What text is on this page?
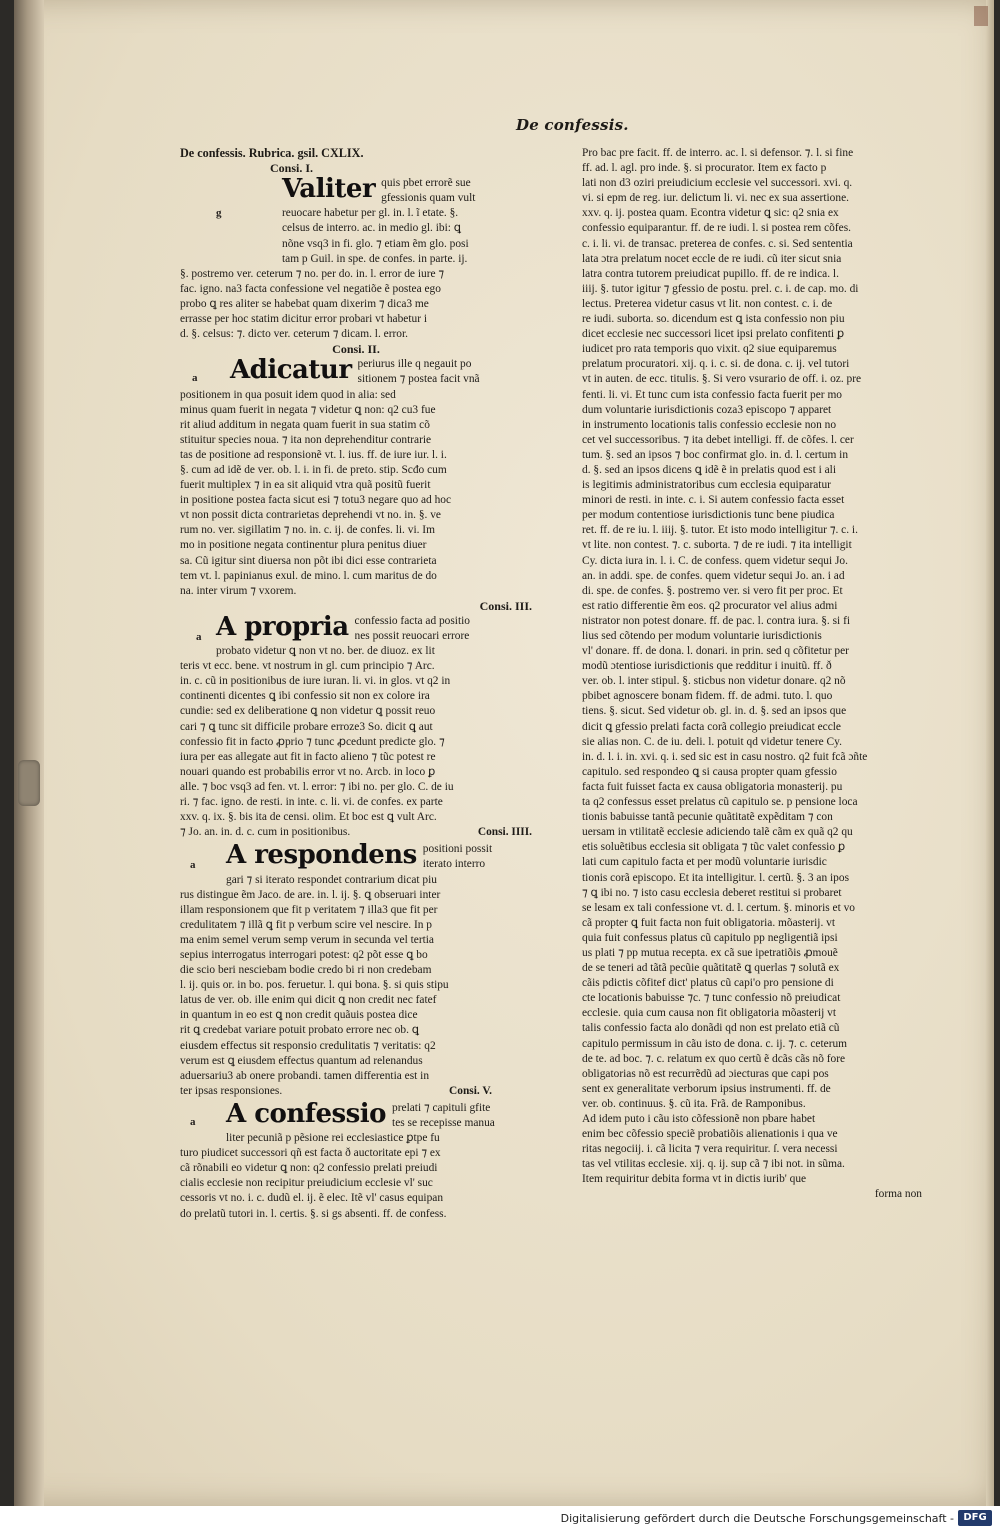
De confessis.
De confessis. Rubrica. gsil. CXLIX.
Consi. I.
g
Valiter quis pbet errorẽ sue
gfessionis quam vult
reuocare habetur per gl. in. l. ĩ etate. §.
celsus de interro. ac. in medio gl. ibi: ꝗ
nõne vsq3 in fi. glo. ⁊ etiam ẽm glo. posi
tam p Guil. in spe. de confes. in parte. ij.
§. postremo ver. ceterum ⁊ no. per do. in. l. error de iure ⁊
fac. igno. na3 facta confessione vel negatiõe ẽ postea ego
probo ꝗ res aliter se habebat quam dixerim ⁊ dica3 me
errasse per hoc statim dicitur error probari vt habetur i
d. §. celsus: ⁊. dicto ver. ceterum ⁊ dicam. l. error.
Consi. II.
a Adicatur periurus ille q negauit po
sitionem ⁊ postea facit vnã
positionem in qua posuit idem quod in alia: sed
minus quam fuerit in negata ⁊ videtur ꝗ non: q2 cu3 fue
rit aliud additum in negata quam fuerit in sua statim cõ
stituitur species noua. ⁊ ita non deprehenditur contrarie
tas de positione ad responsionẽ vt. l. ius. ff. de iure iur. l. i.
§. cum ad idẽ de ver. ob. l. i. in fi. de preto. stip. Scđo cum
fuerit multiplex ⁊ in ea sit aliquid vtra quã positũ fuerit
in positione postea facta sicut esi ⁊ totu3 negare quo ad hoc
vt non possit dicta contrarietas deprehendi vt no. in. §. ve
rum no. ver. sigillatim ⁊ no. in. c. ij. de confes. li. vi. Im
mo in positione negata continentur plura penitus diuer
sa. Cũ igitur sint diuersa non põt ibi dici esse contrarieta
tem vt. l. papinianus exul. de mino. l. cum maritus de do
na. inter virum ⁊ vxorem.
Consi. III.
a A propria confessio facta ad positio
nes possit reuocari errore
probato videtur ꝗ non vt no. ber. de diuoz. ex lit
teris vt ecc. bene. vt nostrum in gl. cum principio ⁊ Arc.
in. c. cũ in positionibus de iure iuran. li. vi. in glos. vt q2 in
continenti dicentes ꝗ ibi confessio sit non ex colore ira
cundie: sed ex deliberatione ꝗ non videtur ꝗ possit reuo
cari ⁊ ꝗ tunc sit difficile probare erroze3 So. dicit ꝗ aut
confessio fit in facto ꝓprio ⁊ tunc ꝓcedunt predicte glo. ⁊
iura per eas allegate aut fit in facto alieno ⁊ tũc potest re
nouari quando est probabilis error vt no. Arcb. in loco ꝑ
alle. ⁊ boc vsq3 ad fen. vt. l. error: ⁊ ibi no. per glo. C. de iu
ri. ⁊ fac. igno. de resti. in inte. c. li. vi. de confes. ex parte
xxv. q. ix. §. bis ita de censi. olim. Et boc est ꝗ vult Arc.
⁊ Jo. an. in. d. c. cum in positionibus.	Consi. IIII.
a A respondens positioni possit
iterato interro
gari ⁊ si iterato respondet contrarium dicat piu
rus distingue ẽm Jaco. de are. in. l. ij. §. ꝗ obseruari inter
illam responsionem que fit p veritatem ⁊ illa3 que fit per
credulitatem ⁊ illã ꝗ fit p verbum scire vel nescire. In p
ma enim semel verum semp verum in secunda vel tertia
sepius interrogatus interrogari potest: q2 põt esse ꝗ bo
die scio beri nesciebam bodie credo bi ri non credebam
l. ij. quis or. in bo. pos. feruetur. l. qui bona. §. si quis stipu
latus de ver. ob. ille enim qui dicit ꝗ non credit nec fatef
in quantum in eo est ꝗ non credit quãuis postea dice
rit ꝗ credebat variare potuit probato errore nec ob. ꝗ
eiusdem effectus sit responsio credulitatis ⁊ veritatis: q2
verum est ꝗ eiusdem effectus quantum ad relenandus
aduersariu3 ab onere probandi. tamen differentia est in
ter ipsas responsiones.	Consi. V.
a A confessio prelati ⁊ capituli gfite
tes se recepisse manua
liter pecuniã p pẽsione rei ecclesiastice ꝑtpe fu
turo piudicet successori qñ est facta ð auctoritate epi ⁊ ex
cã rõnabili eo videtur ꝗ non: q2 confessio prelati preiudi
cialis ecclesie non recipitur preiudicium ecclesie vl' suc
cessoris vt no. i. c. dudũ el. ij. ẽ elec. Itẽ vl' casus equipan
do prelatũ tutori in. l. certis. §. si gs absenti. ff. de confess.
Pro bac pre facit. ff. de interro. ac. l. si defensor. ⁊. l. si fine
ff. ad. l. agl. pro inde. §. si procurator. Item ex facto p
lati non d3 oziri preiudicium ecclesie vel successori. xvi. q.
vi. si epm de reg. iur. delictum li. vi. nec ex sua assertione.
xxv. q. ij. postea quam. Econtra videtur ꝗ sic: q2 snia ex
confessio equiparantur. ff. de re iudi. l. si postea rem cõfes.
c. i. li. vi. de transac. preterea de confes. c. si. Sed sententia
lata ɔtra prelatum nocet eccle de re iudi. cũ iter sicut snia
latra contra tutorem preiudicat pupillo. ff. de re indica. l.
iiij. §. tutor igitur ⁊ gfessio de postu. prel. c. i. de cap. mo. di
lectus. Preterea videtur casus vt lit. non contest. c. i. de
re iudi. suborta. so. dicendum est ꝗ ista confessio non piu
dicet ecclesie nec successori licet ipsi prelato confitenti ꝑ
iudicet pro rata temporis quo vixit. q2 siue equiparemus
prelatum procuratori. xij. q. i. c. si. de dona. c. ij. vel tutori
vt in auten. de ecc. titulis. §. Si vero vsurario de off. i. oz. pre
fenti. li. vi. Et tunc cum ista confessio facta fuerit per mo
dum voluntarie iurisdictionis coza3 episcopo ⁊ apparet
in instrumento locationis talis confessio ecclesie non no
cet vel successoribus. ⁊ ita debet intelligi. ff. de cõfes. l. cer
tum. §. sed an ipsos ⁊ boc confirmat glo. in. d. l. certum in
d. §. sed an ipsos dicens ꝗ idẽ ẽ in prelatis quod est i ali
is legitimis administratoribus cum ecclesia equiparatur
minori de resti. in inte. c. i. Si autem confessio facta esset
per modum contentiose iurisdictionis tunc bene piudica
ret. ff. de re iu. l. iiij. §. tutor. Et isto modo intelligitur ⁊. c. i.
vt lite. non contest. ⁊. c. suborta. ⁊ de re iudi. ⁊ ita intelligit
Cy. dicta iura in. l. i. C. de confess. quem videtur sequi Jo.
an. in addi. spe. de confes. quem videtur sequi Jo. an. i ad
di. spe. de confes. §. postremo ver. si vero fit per proc. Et
est ratio differentie ẽm eos. q2 procurator vel alius admi
nistrator non potest donare. ff. de pac. l. contra iura. §. si fi
lius sed cõtendo per modum voluntarie iurisdictionis
vl' donare. ff. de dona. l. donari. in prin. sed q cõfitetur per
modũ ɔtentiose iurisdictionis que redditur i inuitũ. ff. ð
ver. ob. l. inter stipul. §. sticbus non videtur donare. q2 nõ
pbibet agnoscere bonam fidem. ff. de admi. tuto. l. quo
tiens. §. sicut. Sed videtur ob. gl. in. d. §. sed an ipsos que
dicit ꝗ gfessio prelati facta corã collegio preiudicat eccle
sie alias non. C. de iu. deli. l. potuit qd videtur tenere Cy.
in. d. l. i. in. xvi. q. i. sed sic est in casu nostro. q2 fuit fcã ɔñte
capitulo. sed respondeo ꝗ si causa propter quam gfessio
facta fuit fuisset facta ex causa obligatoria monasterij. pu
ta q2 confessus esset prelatus cũ capitulo se. p pensione loca
tionis babuisse tantã pecunie quãtitatẽ expẽditam ⁊ con
uersam in vtilitatẽ ecclesie adiciendo talẽ cãm ex quã q2 qu
etis soluẽtibus ecclesia sit obligata ⁊ tũc valet confessio ꝑ
lati cum capitulo facta et per modũ voluntarie iurisdic
tionis corã episcopo. Et ita intelligitur. l. certũ. §. 3 an ipos
⁊ ꝗ ibi no. ⁊ isto casu ecclesia deberet restitui si probaret
se lesam ex tali confessione vt. d. l. certum. §. minoris et vo
cã propter ꝗ fuit facta non fuit obligatoria. mõasterij. vt
quia fuit confessus platus cũ capitulo pp negligentiã ipsi
us plati ⁊ pp mutua recepta. ex cã sue ipetratiõis ꝓmouẽ
de se teneri ad tãtã pecũie quãtitatẽ ꝗ querlas ⁊ solutã ex
cãis pdictis cõfitef dict' platus cũ capi'o pro pensione di
cte locationis babuisse ⁊c. ⁊ tunc confessio nõ preiudicat
ecclesie. quia cum causa non fit obligatoria mõasterij vt
talis confessio facta alo donãdi qd non est prelato etiã cũ
capitulo permissum in cãu isto de dona. c. ij. ⁊. c. ceterum
de te. ad boc. ⁊. c. relatum ex quo certũ ẽ dcãs cãs nõ fore
obligatorias nõ est recurrẽdũ ad ɔiecturas que capi pos
sent ex generalitate verborum ipsius instrumenti. ff. de
ver. ob. continuus. §. cũ ita. Frã. de Ramponibus.
Ad idem puto i cãu isto cõfessionẽ non pbare habet
enim bec cõfessio speciẽ probatiõis alienationis i qua ve
ritas negociij. i. cã licita ⁊ vera requiritur. ſ. vera necessi
tas vel vtilitas ecclesie. xij. q. ij. sup cã ⁊ ibi not. in sũma.
Item requiritur debita forma vt in dictis iurib' que
forma non
Digitalisierung gefördert durch die Deutsche Forschungsgemeinschaft - DFG
